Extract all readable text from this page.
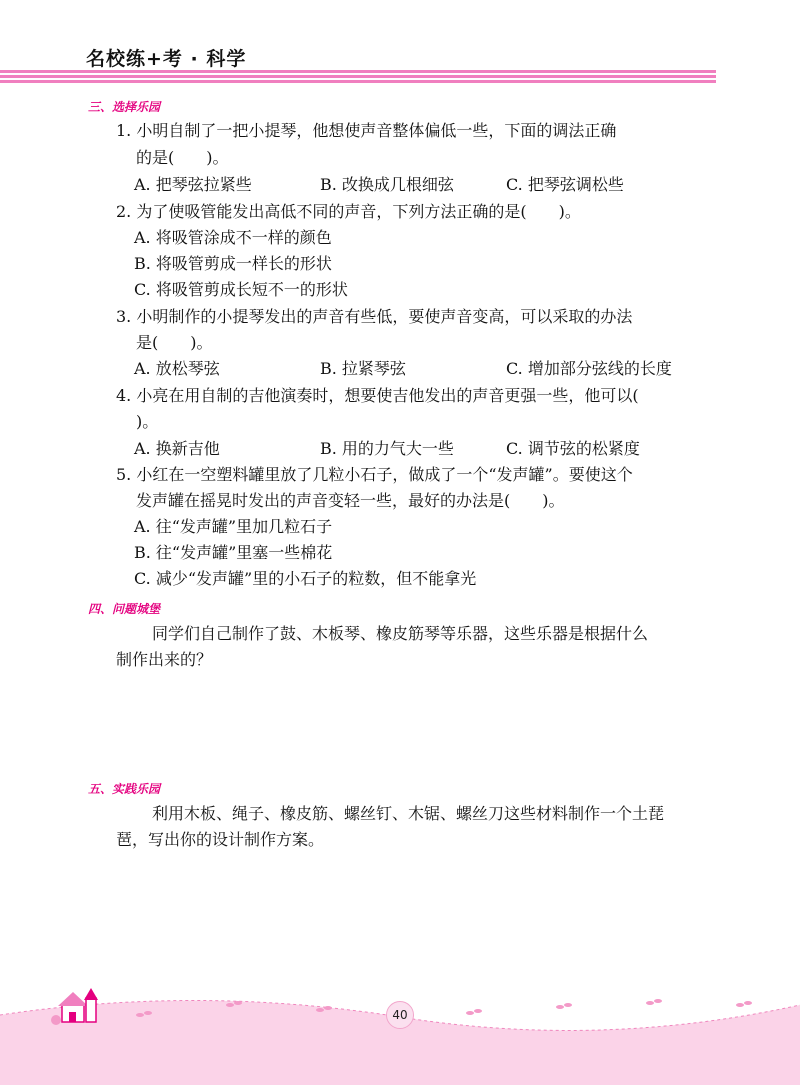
名校练+考 · 科学
三、选择乐园
1. 小明自制了一把小提琴，他想使声音整体偏低一些，下面的调法正确
的是(　　)。
A. 把琴弦拉紧些	B. 改换成几根细弦	C. 把琴弦调松些
2. 为了使吸管能发出高低不同的声音，下列方法正确的是(　　)。
A. 将吸管涂成不一样的颜色
B. 将吸管剪成一样长的形状
C. 将吸管剪成长短不一的形状
3. 小明制作的小提琴发出的声音有些低，要使声音变高，可以采取的办法
是(　　)。
A. 放松琴弦	B. 拉紧琴弦	C. 增加部分弦线的长度
4. 小亮在用自制的吉他演奏时，想要使吉他发出的声音更强一些，他可以(
)。
A. 换新吉他	B. 用的力气大一些	C. 调节弦的松紧度
5. 小红在一空塑料罐里放了几粒小石子，做成了一个“发声罐”。要使这个
发声罐在摇晃时发出的声音变轻一些，最好的办法是(　　)。
A. 往“发声罐”里加几粒石子
B. 往“发声罐”里塞一些棉花
C. 减少“发声罐”里的小石子的粒数，但不能拿光
四、问题城堡
同学们自己制作了鼓、木板琴、橡皮筋琴等乐器，这些乐器是根据什么
制作出来的？
五、实践乐园
利用木板、绳子、橡皮筋、螺丝钉、木锯、螺丝刀这些材料制作一个土琵
琶，写出你的设计制作方案。
40
